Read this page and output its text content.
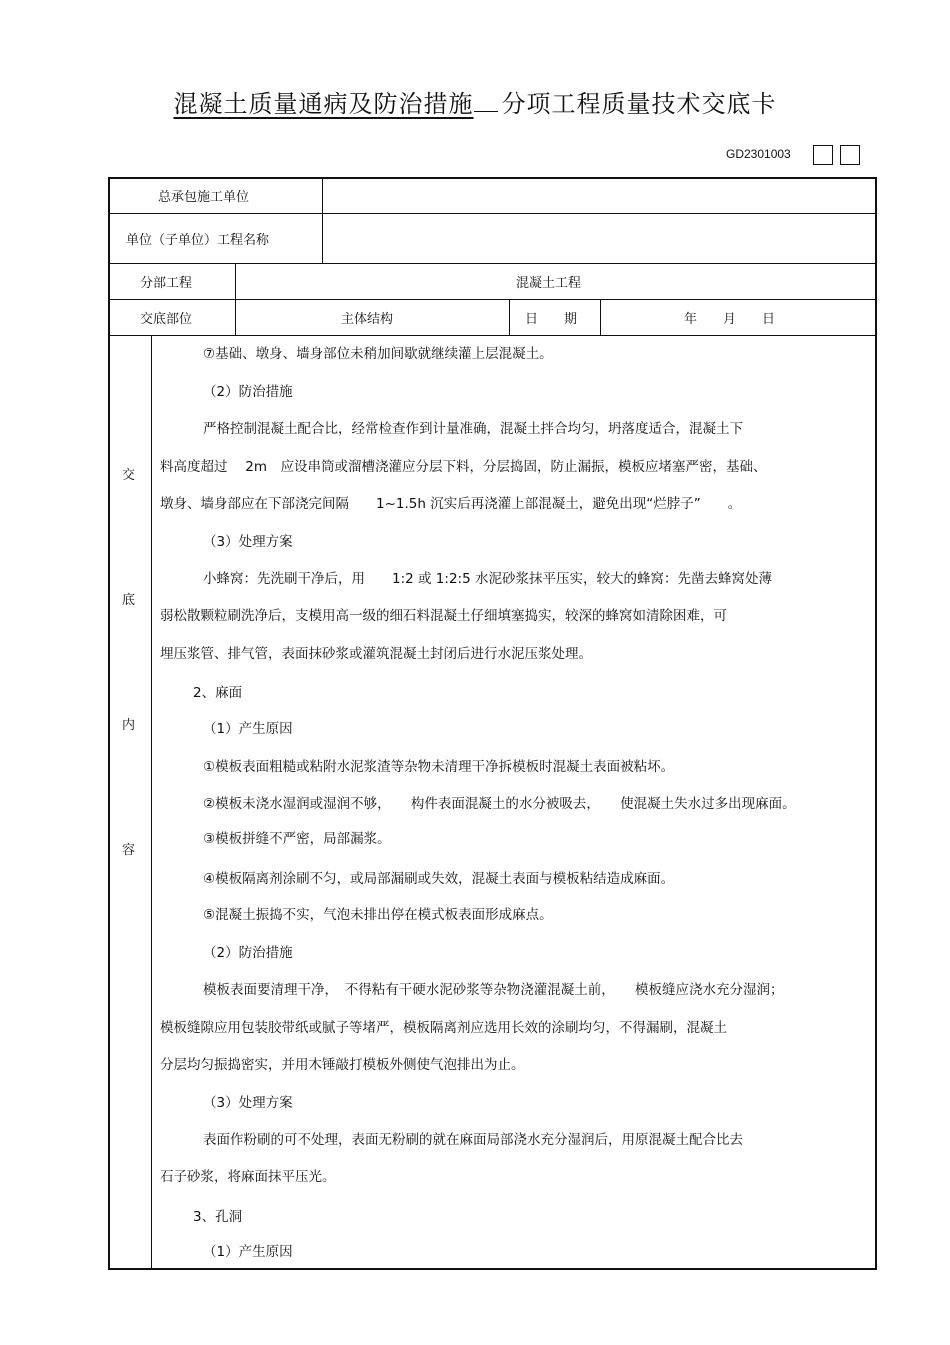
混凝土质量通病及防治措施 分项工程质量技术交底卡
GD2301003
总承包施工单位
单位（子单位）工程名称
分部工程	混凝土工程
交底部位	主体结构	日　　期	年　　月　　日
交
底
内
容
⑦基础、墩身、墙身部位未稍加间歇就继续灌上层混凝土。
（2）防治措施
严格控制混凝土配合比，经常检查作到计量准确，混凝土拌合均匀，坍落度适合，混凝土下
料高度超过　 2m　应设串筒或溜槽浇灌应分层下料，分层捣固，防止漏振，模板应堵塞严密，基础、
墩身、墙身部应在下部浇完间隔　　1~1.5h 沉实后再浇灌上部混凝土，避免出现“烂脖子”　　。
（3）处理方案
小蜂窝：先洗刷干净后，用　　1:2 或 1:2:5 水泥砂浆抹平压实，较大的蜂窝：先凿去蜂窝处薄
弱松散颗粒刷洗净后，支模用高一级的细石料混凝土仔细填塞捣实，较深的蜂窝如清除困难，可
埋压浆管、排气管，表面抹砂浆或灌筑混凝土封闭后进行水泥压浆处理。
2、麻面
（1）产生原因
①模板表面粗糙或粘附水泥浆渣等杂物未清理干净拆模板时混凝土表面被粘坏。
②模板未浇水湿润或湿润不够，　　构件表面混凝土的水分被吸去，　　使混凝土失水过多出现麻面。
③模板拼缝不严密，局部漏浆。
④模板隔离剂涂刷不匀，或局部漏刷或失效，混凝土表面与模板粘结造成麻面。
⑤混凝土振捣不实，气泡未排出停在模式板表面形成麻点。
（2）防治措施
模板表面要清理干净，　不得粘有干硬水泥砂浆等杂物浇灌混凝土前，　　模板缝应浇水充分湿润；
模板缝隙应用包装胶带纸或腻子等堵严，模板隔离剂应选用长效的涂刷均匀，不得漏刷，混凝土
分层均匀振捣密实，并用木锤敲打模板外侧使气泡排出为止。
（3）处理方案
表面作粉刷的可不处理，表面无粉刷的就在麻面局部浇水充分湿润后，用原混凝土配合比去
石子砂浆，将麻面抹平压光。
3、孔洞
（1）产生原因
